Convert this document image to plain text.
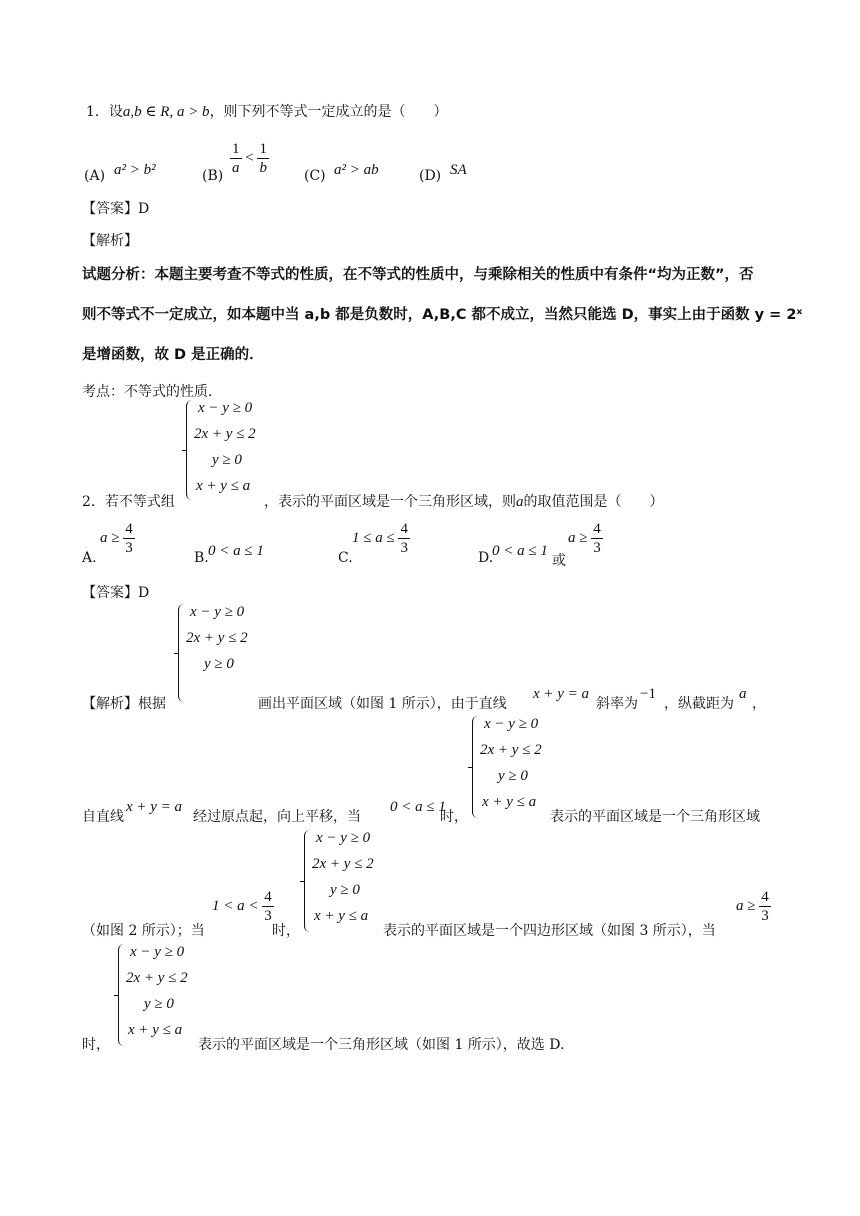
1．设a,b ∈ R, a > b，则下列不等式一定成立的是（　　）
(A) a² > b²	$(B) \frac{1}{a} < \frac{1}{b}$	(C) a² > ab	(D) SA
【答案】D
【解析】
试题分析：本题主要考查不等式的性质，在不等式的性质中，与乘除相关的性质中有条件“均为正数”，否
则不等式不一定成立，如本题中当 a,b 都是负数时，A,B,C 都不成立，当然只能选 D，事实上由于函数 y = 2ˣ
是增函数，故 D 是正确的．
考点：不等式的性质．
x − y ≥ 0
2x + y ≤ 2
y ≥ 0
x + y ≤ a
2．若不等式组	，表示的平面区域是一个三角形区域，则a的取值范围是（　　）
A.
$a \ge \frac{4}{3}$
B. 0 < a ≤ 1	C.
$1 \le a \le \frac{4}{3}$
D.
0 < a ≤ 1
或
$a \ge \frac{4}{3}$
【答案】D
x − y ≥ 0
2x + y ≤ 2
y ≥ 0
【解析】根据	画出平面区域（如图 1 所示），由于直线
x + y = a
斜率为
−1
，纵截距为
a
，
x − y ≥ 0
2x + y ≤ 2
y ≥ 0
x + y ≤ a
自直线
x + y = a
经过原点起，向上平移，当
0 < a ≤ 1
时，	表示的平面区域是一个三角形区域
x − y ≥ 0
2x + y ≤ 2
y ≥ 0
x + y ≤ a
（如图 2 所示）；当
$1 < a < \frac{4}{3}$
时，	表示的平面区域是一个四边形区域（如图 3 所示），当
$a \ge \frac{4}{3}$
x − y ≥ 0
2x + y ≤ 2
y ≥ 0
x + y ≤ a
时，	表示的平面区域是一个三角形区域（如图 1 所示），故选 D.
